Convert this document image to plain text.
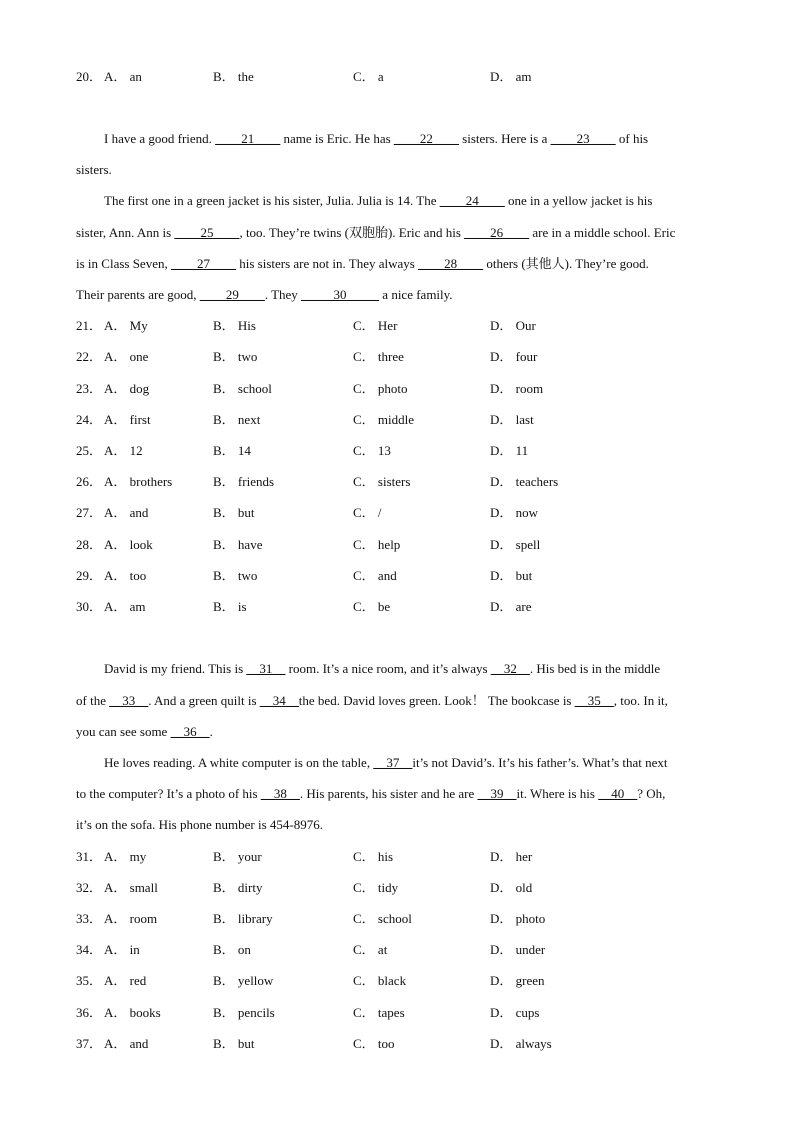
20． A． an	B． the	C． a	D． am
I have a good friend. ____21____ name is Eric. He has ____22____ sisters. Here is a ____23____ of his
sisters.
The first one in a green jacket is his sister, Julia. Julia is 14. The ____24____ one in a yellow jacket is his
sister, Ann. Ann is ____25____, too. They’re twins (双胞胎). Eric and his ____26____ are in a middle school. Eric
is in Class Seven, ____27____ his sisters are not in. They always ____28____ others (其他人). They’re good.
Their parents are good, ____29____. They _____30_____ a nice family.
21． A． My	B． His	C． Her	D． Our
22． A． one	B． two	C． three	D． four
23． A． dog	B． school	C． photo	D． room
24． A． first	B． next	C． middle	D． last
25． A． 12	B． 14	C． 13	D． 11
26． A． brothers	B． friends	C． sisters	D． teachers
27． A． and	B． but	C． /	D． now
28． A． look	B． have	C． help	D． spell
29． A． too	B． two	C． and	D． but
30． A． am	B． is	C． be	D． are
David is my friend. This is __31__ room. It’s a nice room, and it’s always __32__. His bed is in the middle
of the __33__. And a green quilt is __34__the bed. David loves green. Look！ The bookcase is __35__, too. In it,
you can see some __36__.
He loves reading. A white computer is on the table, __37__it’s not David’s. It’s his father’s. What’s that next
to the computer? It’s a photo of his __38__. His parents, his sister and he are __39__it. Where is his __40__? Oh,
it’s on the sofa. His phone number is 454-8976.
31． A． my	B． your	C． his	D． her
32． A． small	B． dirty	C． tidy	D． old
33． A． room	B． library	C． school	D． photo
34． A． in	B． on	C． at	D． under
35． A． red	B． yellow	C． black	D． green
36． A． books	B． pencils	C． tapes	D． cups
37． A． and	B． but	C． too	D． always
